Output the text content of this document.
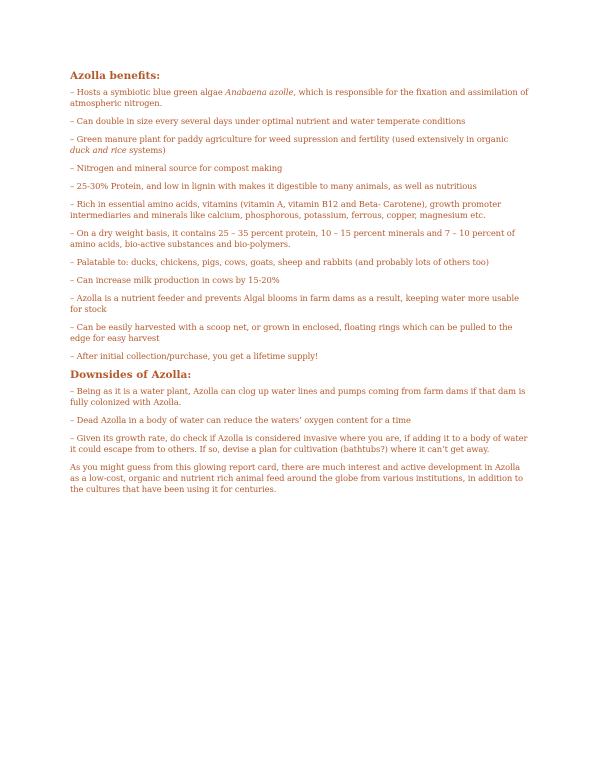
Azolla benefits:

– Hosts a symbiotic blue green algae Anabaena azolle, which is responsible for the fixation and assimilation of atmospheric nitrogen.

– Can double in size every several days under optimal nutrient and water temperate conditions

– Green manure plant for paddy agriculture for weed supression and fertility (used extensively in organic duck and rice systems)

– Nitrogen and mineral source for compost making

– 25-30% Protein, and low in lignin with makes it digestible to many animals, as well as nutritious

– Rich in essential amino acids, vitamins (vitamin A, vitamin B12 and Beta- Carotene), growth promoter intermediaries and minerals like calcium, phosphorous, potassium, ferrous, copper, magnesium etc.

– On a dry weight basis, it contains 25 – 35 percent protein, 10 – 15 percent minerals and 7 – 10 percent of amino acids, bio-active substances and bio-polymers.

– Palatable to: ducks, chickens, pigs, cows, goats, sheep and rabbits (and probably lots of others too)

– Can increase milk production in cows by 15-20%

– Azolla is a nutrient feeder and prevents Algal blooms in farm dams as a result, keeping water more usable for stock

– Can be easily harvested with a scoop net, or grown in enclosed, floating rings which can be pulled to the edge for easy harvest

– After initial collection/purchase, you get a lifetime supply!

Downsides of Azolla:

– Being as it is a water plant, Azolla can clog up water lines and pumps coming from farm dams if that dam is fully colonized with Azolla.

– Dead Azolla in a body of water can reduce the waters’ oxygen content for a time

– Given its growth rate, do check if Azolla is considered invasive where you are, if adding it to a body of water it could escape from to others. If so, devise a plan for cultivation (bathtubs?) where it can’t get away.

As you might guess from this glowing report card, there are much interest and active development in Azolla as a low-cost, organic and nutrient rich animal feed around the globe from various institutions, in addition to the cultures that have been using it for centuries.
